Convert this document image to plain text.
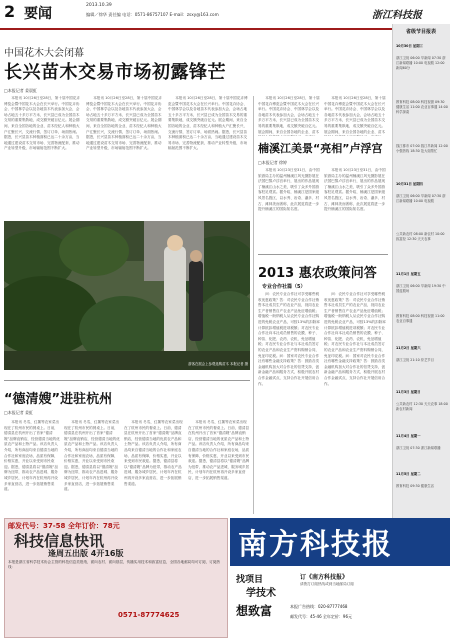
2 要闻
2013.10.39
编辑／徐华 责任编 电话：0571-86757107 E-mail：zsxy@163.com	浙江科技报
中国花木大会闭幕
长兴苗木交易市场初露锋芒
□本报记者 姜晨虹

本报讯 10月26日至28日，第十届中国花卉博览会暨中国花木大会在长兴举行。中国花卉协会、中国林学会以及各地苗木代表参加大会，会场占地五十多万平方米，长兴县已成为全国苗木交易的重要集散地，成交额突破百亿元。展会期间，来自全国各地的企业、苗木经纪人和种植大户汇聚长兴，交流行情，签订订单，场面热闹。据悉，长兴县苗木种植面积已达二十余万亩，当地通过建设苗木交易市场、完善物流配套，推动产业转型升级，市场辐射范围不断扩大。

本报讯 10月26日至28日，第十届中国花卉博览会暨中国花木大会在长兴举行。中国花卉协会、中国林学会以及各地苗木代表参加大会，会场占地五十多万平方米，长兴县已成为全国苗木交易的重要集散地，成交额突破百亿元。展会期间，来自全国各地的企业、苗木经纪人和种植大户汇聚长兴，交流行情，签订订单，场面热闹。据悉，长兴县苗木种植面积已达二十余万亩，当地通过建设苗木交易市场、完善物流配套，推动产业转型升级，市场辐射范围不断扩大。

本报讯 10月26日至28日，第十届中国花卉博览会暨中国花木大会在长兴举行。中国花卉协会、中国林学会以及各地苗木代表参加大会，会场占地五十多万平方米，长兴县已成为全国苗木交易的重要集散地，成交额突破百亿元。展会期间，来自全国各地的企业、苗木经纪人和种植大户汇聚长兴，交流行情，签订订单，场面热闹。据悉，长兴县苗木种植面积已达二十余万亩，当地通过建设苗木交易市场、完善物流配套，推动产业转型升级，市场辐射范围不断扩大。

游客在展会上参观选购苗木 本报记者 摄

本报讯 10月26日至28日，第十届中国花卉博览会暨中国花木大会在长兴举行。中国花卉协会、中国林学会以及各地苗木代表参加大会，会场占地五十多万平方米，长兴县已成为全国苗木交易的重要集散地，成交额突破百亿元。展会期间，来自全国各地的企业、苗木

本报讯 10月26日至28日，第十届中国花卉博览会暨中国花木大会在长兴举行。中国花卉协会、中国林学会以及各地苗木代表参加大会，会场占地五十多万平方米，长兴县已成为全国苗木交易的重要集散地，成交额突破百亿元。展会期间，来自全国各地的企业、苗木

楠溪江美景“亮相”卢浮宫
□本报记者 徐婷

本报讯 10月23日至31日，由中国旅游局主办的温州楠溪江风光摄影展在法国巴黎卢浮宫举行，展出的作品展现了楠溪江山水之美，吸引了众多外国游客驻足观赏。据介绍，楠溪江是国家级风景名胜区，以水秀、岩奇、瀑多、村古、滩林美而著称，此次展览将进一步提升楠溪江的国际知名度。

本报讯 10月23日至31日，由中国旅游局主办的温州楠溪江风光摄影展在法国巴黎卢浮宫举行，展出的作品展现了楠溪江山水之美，吸引了众多外国游客驻足观赏。据介绍，楠溪江是国家级风景名胜区，以水秀、岩奇、瀑多、村古、滩林美而著称，此次展览将进一步提升楠溪江的国际知名度。

2013 惠农政策问答
专业合作社篇（5）

问：农民专业合作社可享受哪些税收优惠政策？答：对农民专业合作社销售本社成员生产的农业产品，视同农业生产者销售自产农业产品免征增值税；增值税一般纳税人从农民专业合作社购进的免税农业产品，可按13%的扣除率计算抵扣增值税进项税额；对农民专业合作社向本社成员销售的农膜、种子、种苗、化肥、农药、农机，免征增值税；对农民专业合作社与本社成员签订的农业产品和农业生产资料购销合同，免征印花税。问：国家对农民专业合作社有哪些金融支持政策？答：鼓励各类金融机构加大对合作社的信贷支持，创新金融产品和服务方式，积极开展农村合作金融试点，支持合作社开展信用合作。

问：农民专业合作社可享受哪些税收优惠政策？答：对农民专业合作社销售本社成员生产的农业产品，视同农业生产者销售自产农业产品免征增值税；增值税一般纳税人从农民专业合作社购进的免税农业产品，可按13%的扣除率计算抵扣增值税进项税额；对农民专业合作社向本社成员销售的农膜、种子、种苗、化肥、农药、农机，免征增值税；对农民专业合作社与本社成员签订的农业产品和农业生产资料购销合同，免征印花税。问：国家对农民专业合作社有哪些金融支持政策？答：鼓励各类金融机构加大对合作社的信贷支持，创新金融产品和服务方式，积极开展农村合作金融试点，支持合作社开展信用合作。

“德清嫂”进驻杭州
□本报记者 姜虹

本报讯 冬瓜、红薯等农家菜出现在了杭州市民的餐桌上。日前，德清县在杭州开出了首家“德清嫂”品牌直销店，经营德清当地的优质农产品和土特产品。该店负责人介绍，所有商品均来自德清当地的合作社和家庭农场，品质有保障，价格实惠，开业以来受到市民欢迎。据悉，德清县将以“德清嫂”品牌为纽带，推动农产品进城、服务城乡居民，计划年内在杭州再开设多家直营店，进一步拓展销售渠道。

本报讯 冬瓜、红薯等农家菜出现在了杭州市民的餐桌上。日前，德清县在杭州开出了首家“德清嫂”品牌直销店，经营德清当地的优质农产品和土特产品。该店负责人介绍，所有商品均来自德清当地的合作社和家庭农场，品质有保障，价格实惠，开业以来受到市民欢迎。据悉，德清县将以“德清嫂”品牌为纽带，推动农产品进城、服务城乡居民，计划年内在杭州再开设多家直营店，进一步拓展销售渠道。

本报讯 冬瓜、红薯等农家菜出现在了杭州市民的餐桌上。日前，德清县在杭州开出了首家“德清嫂”品牌直销店，经营德清当地的优质农产品和土特产品。该店负责人介绍，所有商品均来自德清当地的合作社和家庭农场，品质有保障，价格实惠，开业以来受到市民欢迎。据悉，德清县将以“德清嫂”品牌为纽带，推动农产品进城、服务城乡居民，计划年内在杭州再开设多家直营店，进一步拓展销售渠道。

本报讯 冬瓜、红薯等农家菜出现在了杭州市民的餐桌上。日前，德清县在杭州开出了首家“德清嫂”品牌直销店，经营德清当地的优质农产品和土特产品。该店负责人介绍，所有商品均来自德清当地的合作社和家庭农场，品质有保障，价格实惠，开业以来受到市民欢迎。据悉，德清县将以“德清嫂”品牌为纽带，推动农产品进城、服务城乡居民，计划年内在杭州再开设多家直营店，进一步拓展销售渠道。

省级节目报表
10月30日 星期三
浙江卫视 06:00 早新闻 07:30 浙江新闻联播 10:00 电视剧 12:00 新闻60分
教育科技 08:00 科技视窗 09:30 健康生活 11:00 农业百事通 14:00 科学探索
钱江都市 07:00 钱江早新闻 12:00 小强热线 18:30 范大姐帮忙
10月31日 星期四
浙江卫视 06:00 早新闻 07:30 浙江新闻联播 10:00 电视剧
公共新农村 08:00 新农村 10:00 致富经 12:30 天天农事
11月1日 星期五
浙江卫视 06:00 早新闻 19:30 中国蓝剧场
教育科技 08:00 科技视窗 11:00 农业百事通
11月2日 星期六
浙江卫视 21:10 综艺节目
11月3日 星期日
公共新农村 12:30 天天农事 18:00 新农村新闻
11月4日 星期一
浙江卫视 07:30 浙江新闻联播
11月5日 星期二
教育科技 09:30 健康生活
邮发代号：37-58 全年订价：78元
科技信息快讯
逢周五出版 4开16版
本报是浙江省科学技术协会主管的科技信息类报纸，面向农村、面向基层，传播实用技术和致富信息，全国各地邮局均可订阅，订阅热线：
0571-87774625
南方科技报
找项目
学技术
想致富
订《南方科技报》
请拨打订阅热线或到当地邮局订阅
本报广告热线：020-87777468
邮发代号：45-46 全年定价：96元
